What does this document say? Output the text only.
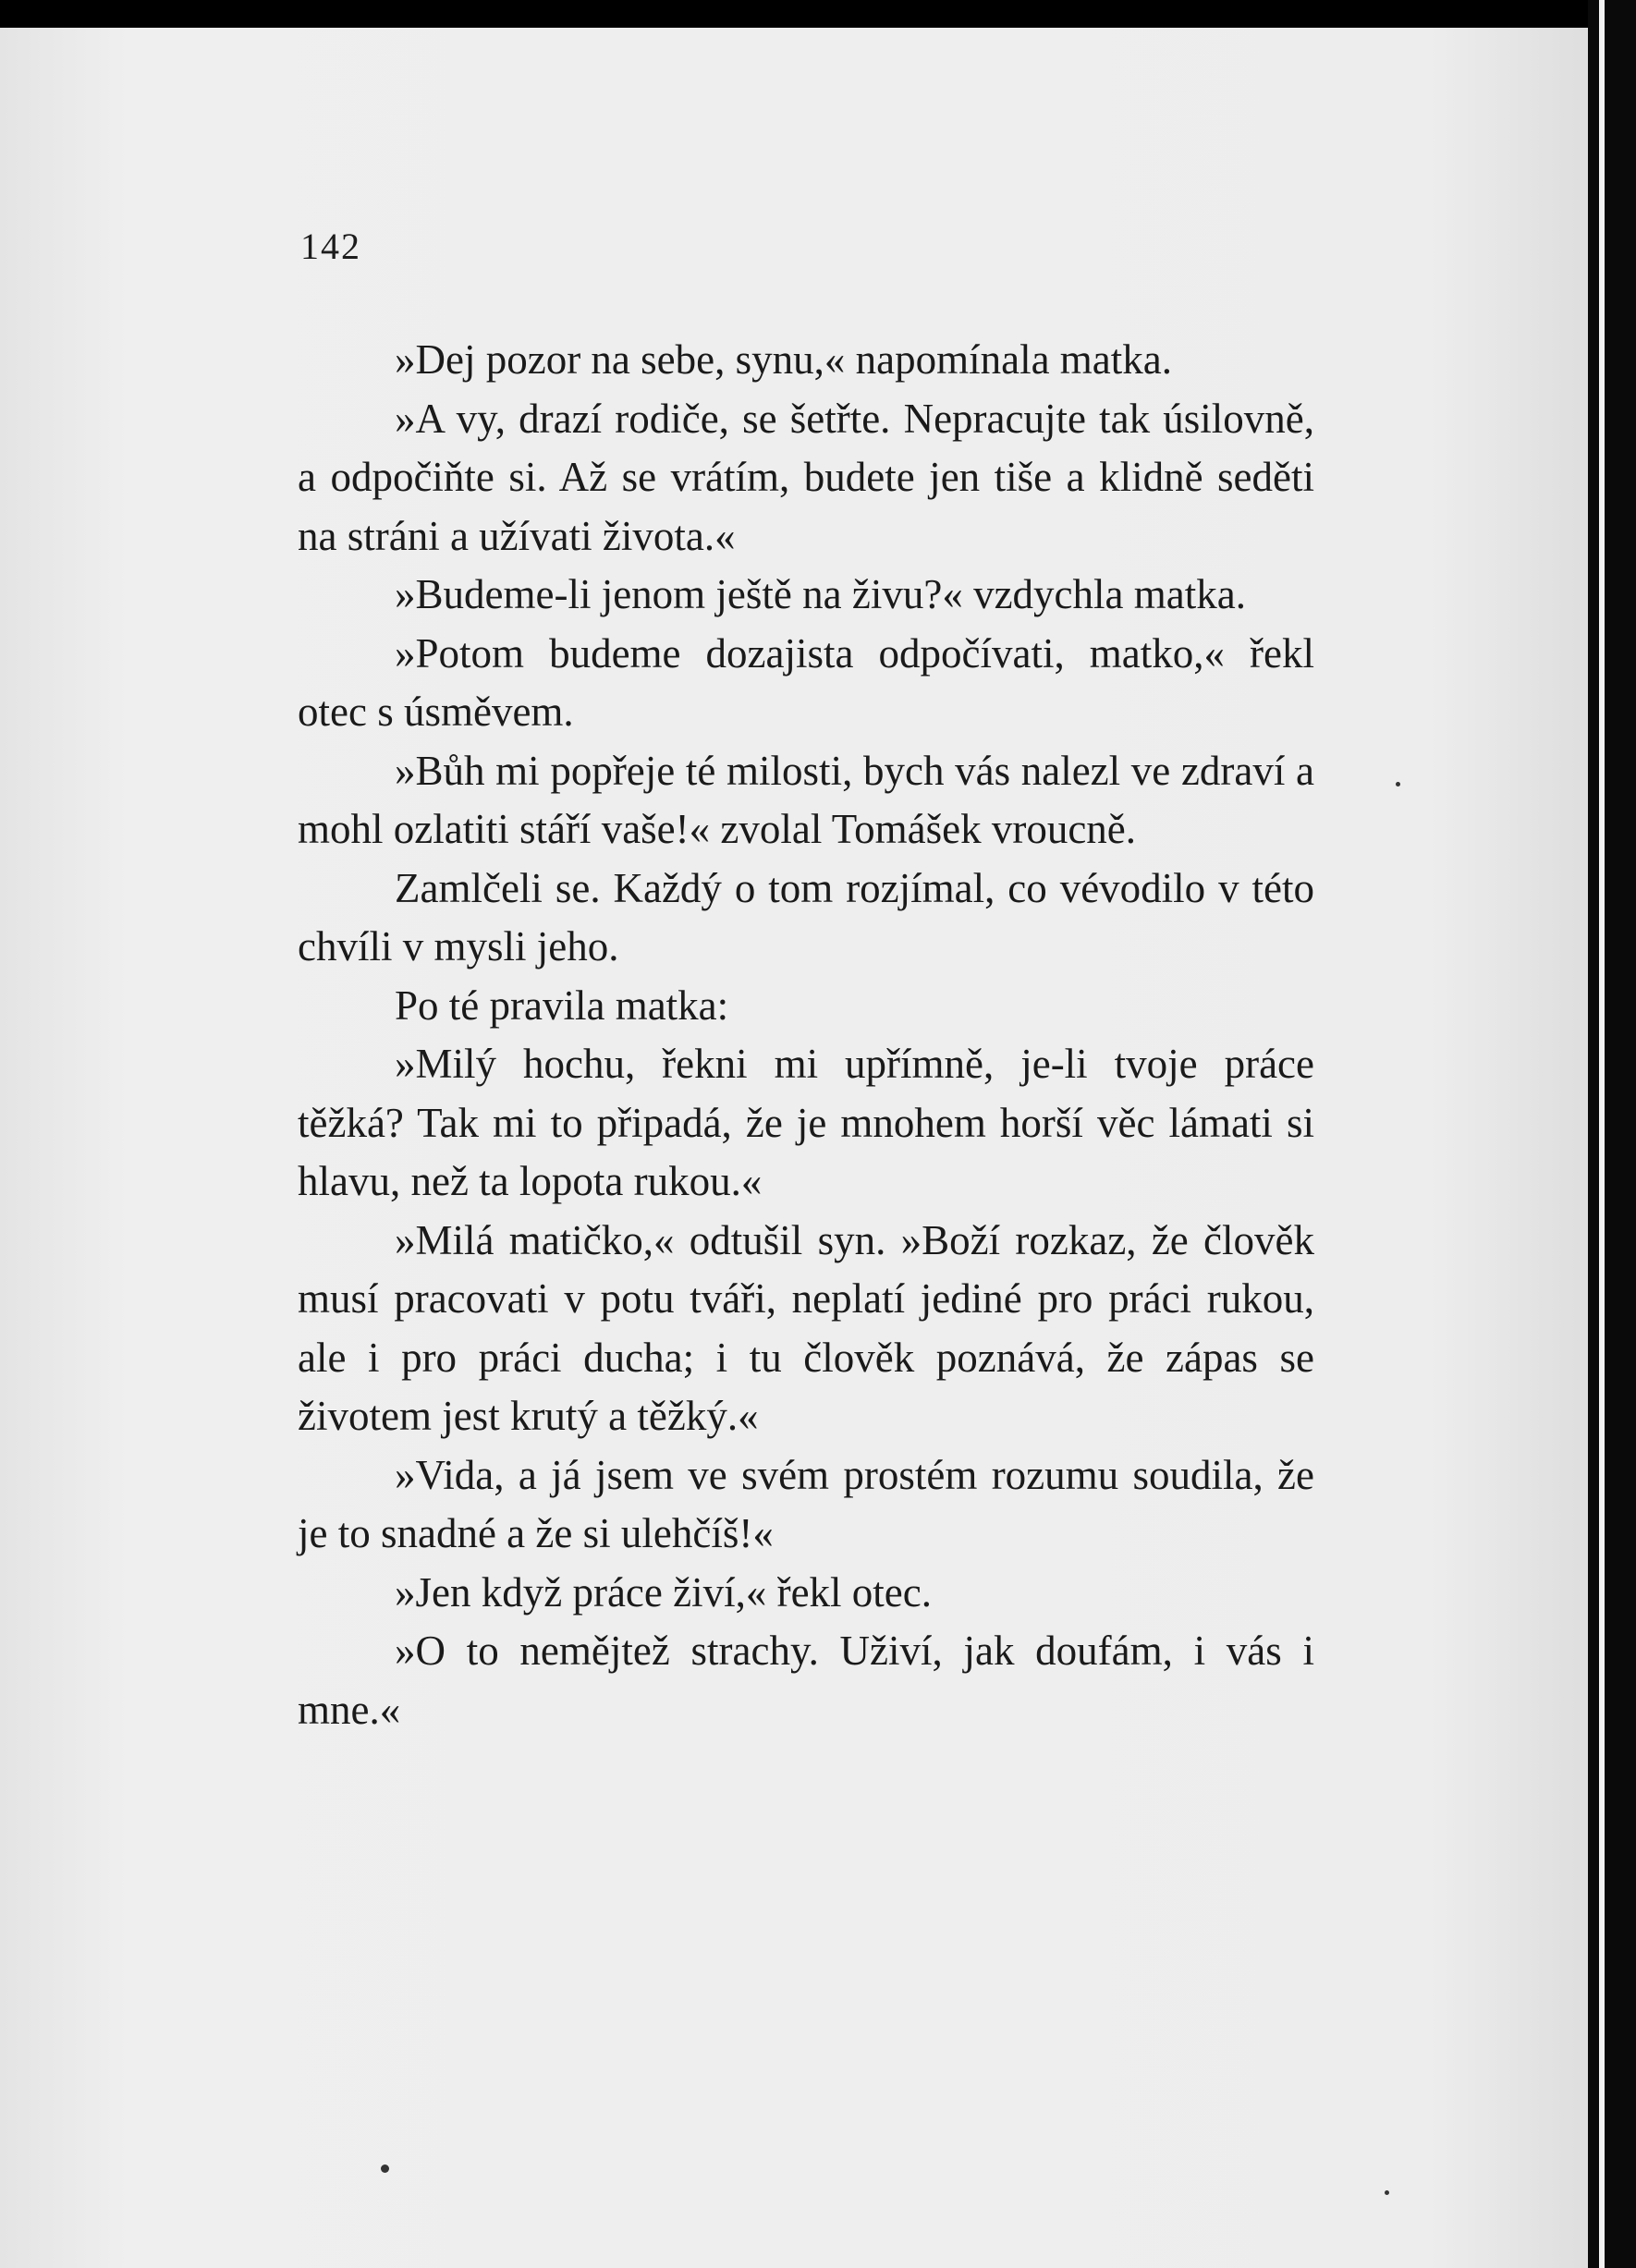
142

»Dej pozor na sebe, synu,« napomínala matka.

»A vy, drazí rodiče, se šetřte. Nepracujte tak úsilovně, a odpočiňte si. Až se vrátím, budete jen tiše a klidně seděti na stráni a užívati života.«

»Budeme-li jenom ještě na živu?« vzdychla matka.

»Potom budeme dozajista odpočívati, matko,« řekl otec s úsměvem.

»Bůh mi popřeje té milosti, bych vás nalezl ve zdraví a mohl ozlatiti stáří vaše!« zvolal Tomášek vroucně.

Zamlčeli se. Každý o tom rozjímal, co vévodilo v této chvíli v mysli jeho.

Po té pravila matka:

»Milý hochu, řekni mi upřímně, je-li tvoje práce těžká? Tak mi to připadá, že je mnohem horší věc lámati si hlavu, než ta lopota rukou.«

»Milá matičko,« odtušil syn. »Boží rozkaz, že člověk musí pracovati v potu tváři, neplatí jediné pro práci rukou, ale i pro práci ducha; i tu člověk poznává, že zápas se životem jest krutý a těžký.«

»Vida, a já jsem ve svém prostém rozumu soudila, že je to snadné a že si ulehčíš!«

»Jen když práce živí,« řekl otec.

»O to nemějtež strachy. Uživí, jak doufám, i vás i mne.«
